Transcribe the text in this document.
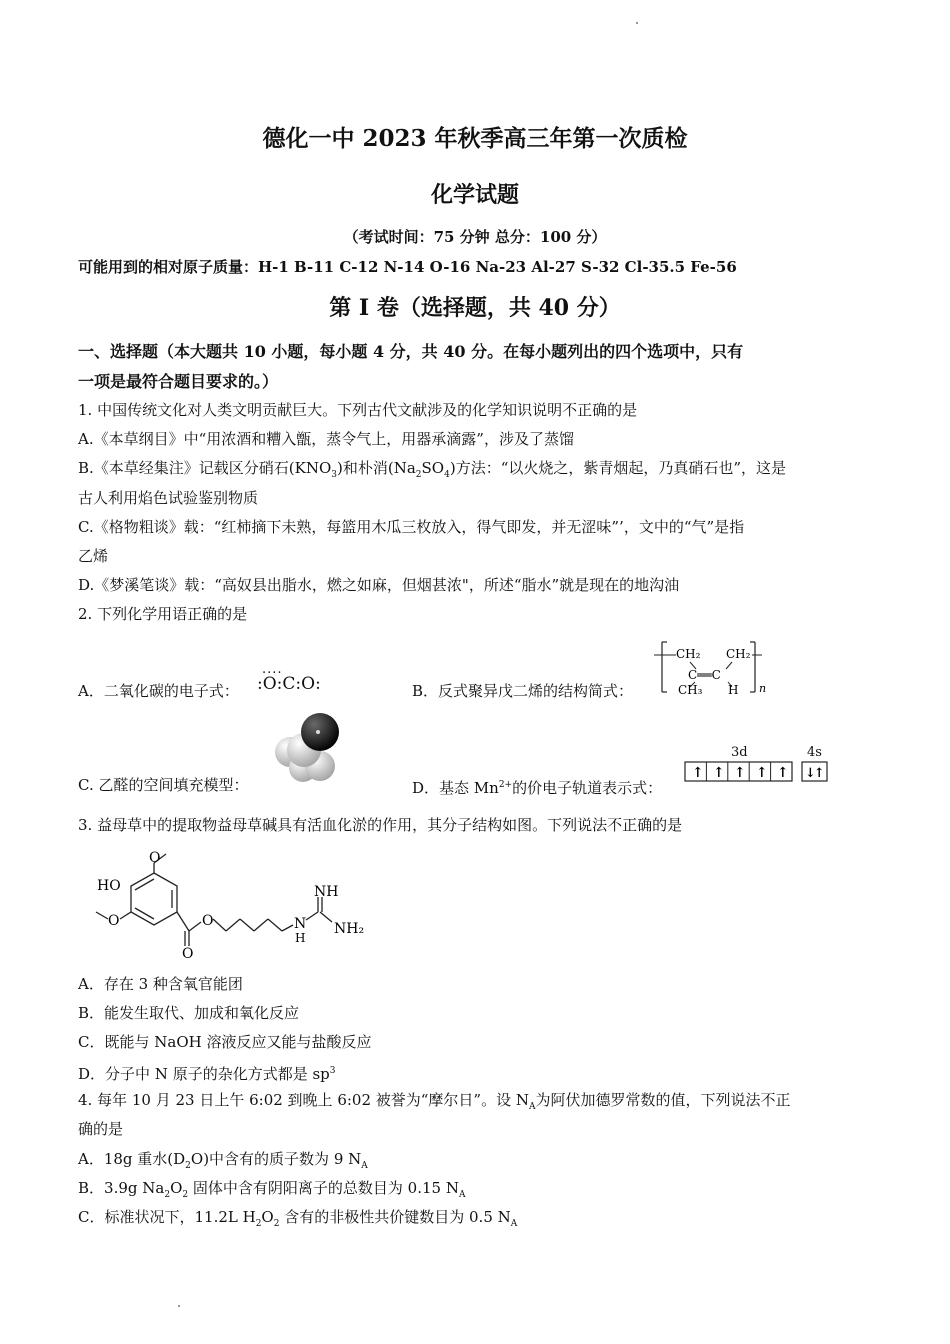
德化一中 2023 年秋季高三年第一次质检
化学试题
（考试时间：75 分钟 总分：100 分）
可能用到的相对原子质量：H-1 B-11 C-12 N-14 O-16 Na-23 Al-27 S-32 Cl-35.5 Fe-56
第 Ⅰ 卷（选择题，共 40 分）
一、选择题（本大题共 10 小题，每小题 4 分，共 40 分。在每小题列出的四个选项中，只有
一项是最符合题目要求的。）
1. 中国传统文化对人类文明贡献巨大。下列古代文献涉及的化学知识说明不正确的是
A.《本草纲目》中“用浓酒和糟入甑，蒸令气上，用器承滴露”，涉及了蒸馏
B.《本草经集注》记载区分硝石$(KNO_3)$和朴消$(Na_2SO_4)$方法：“以火烧之，紫青烟起，乃真硝石也”，这是
古人利用焰色试验鉴别物质
C.《格物粗谈》载：“红柿摘下未熟，每篮用木瓜三枚放入，得气即发，并无涩味”’，文中的“气”是指
乙烯
D.《梦溪笔谈》载：“高奴县出脂水，燃之如麻，但烟甚浓"，所述“脂水”就是现在的地沟油
2. 下列化学用语正确的是
A．二氧化碳的电子式：
....
:O:C:O:	B．反式聚异戊二烯的结构简式：
CH₂ CH₂
C══C
CH₃ H n
C. 乙醛的空间填充模型：	D．基态 $Mn^{2+}$的价电子轨道表示式：
3d	4s
↑ ↑ ↑ ↑ ↑ ↓↑
3. 益母草中的提取物益母草碱具有活血化淤的作用，其分子结构如图。下列说法不正确的是
HO
O
O	O
O
NH
N
H
NH₂
A．存在 3 种含氧官能团
B．能发生取代、加成和氧化反应
C．既能与 NaOH 溶液反应又能与盐酸反应
D．分子中 N 原子的杂化方式都是 $sp^3$
4. 每年 10 月 23 日上午 6:02 到晚上 6:02 被誉为“摩尔日”。设 $N_A$为阿伏加德罗常数的值，下列说法不正
确的是
A．18g 重水$(D_2O)$中含有的质子数为 9 $N_A$
B．3.9g $Na_2O_2$ 固体中含有阴阳离子的总数目为 0.15 $N_A$
C．标准状况下，11.2L $H_2O_2$ 含有的非极性共价键数目为 0.5 $N_A$
